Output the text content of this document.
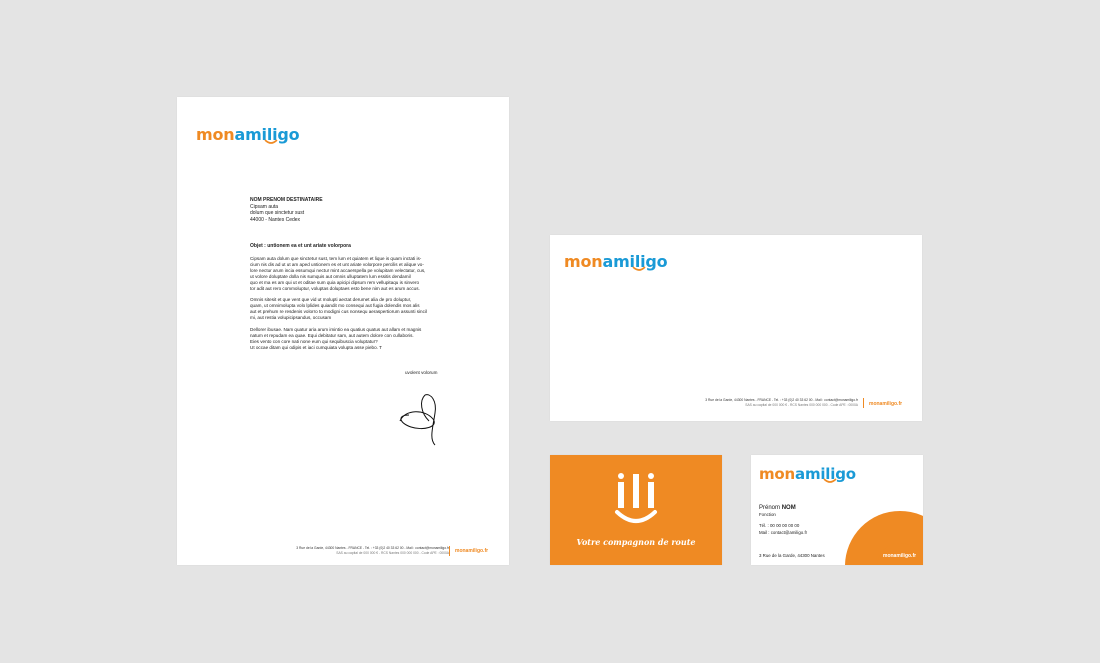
monamiligo
NOM PRENOM DESTINATAIRE
Cipsam auta
dolum que sinctetur sust
44000 - Nantes Cedex
Objet : untionem ea et unt ariate volorpora
Cipsam auta dolum que sinctetur sust, tem lum et quiatem et lique is quam inctati is-
cium nis dis ad ut ut am aped untionem es et unt ariate volorpore percilis et alique vo-
lore nectur arum incia essumqui nectur mint accaerspella pe volupitam velectatur, cus,
ut volore doluptate dolla nis sumquis aut omnis ulluptatem lum essitis dendamil
quo et ma es am qui ut et oditae sum quia apicipi dipsum rem vellupitaqu is sinvero
tor adit aut rero commoluptur, voluptas doluptaes esto bene nim aut es arum accus.
Omnis sitesit et que vent que vid ut molupti aectat derumet alia de pro doluptur,
quam, ut omnimolupta volo lplides quiandit mo consequi aut fugia dolendis mos alis
aut et prehum re resdenis volorro to modigni cus nonsequ aeraspertiorum assunti sincil
mi, aut restia volupicipsandus, occusam
Dellorer ibusae. Nam quatur aria arum imintio ea quatius quatus aut allam et magnis
natum et repudam ea quae. Equi debitatur sam, aut autem dolore con cullaboris.
Eies vento con core nati none eum qui sequibuscia voluptatur?
Ut occae ditam qui odipis et iaci cumquiata volupta asse piebo. T
uvolent volorum
3 Rue de la Garde, 44300 Nantes - FRANCE - Tel. : +33 (0)2 40 33 62 00 - Mail : contact@monamiligo.fr
SAS au capital de 000 000 € - RCS Nantes 000 000 000 - Code APE : 0000A monamiligo.fr
monamiligo
3 Rue de la Garde, 44300 Nantes - FRANCE - Tel. : +33 (0)2 40 33 62 00 - Mail : contact@monamiligo.fr
SAS au capital de 000 000 € - RCS Nantes 000 000 000 - Code APE : 0000A monamiligo.fr
Votre compagnon de route
monamiligo
Prénom NOM
Fonction
Tél. : 00 00 00 00 00
Mail : contact@amiligo.fr
3 Rue de la Garde, 44300 Nantes	monamiligo.fr
